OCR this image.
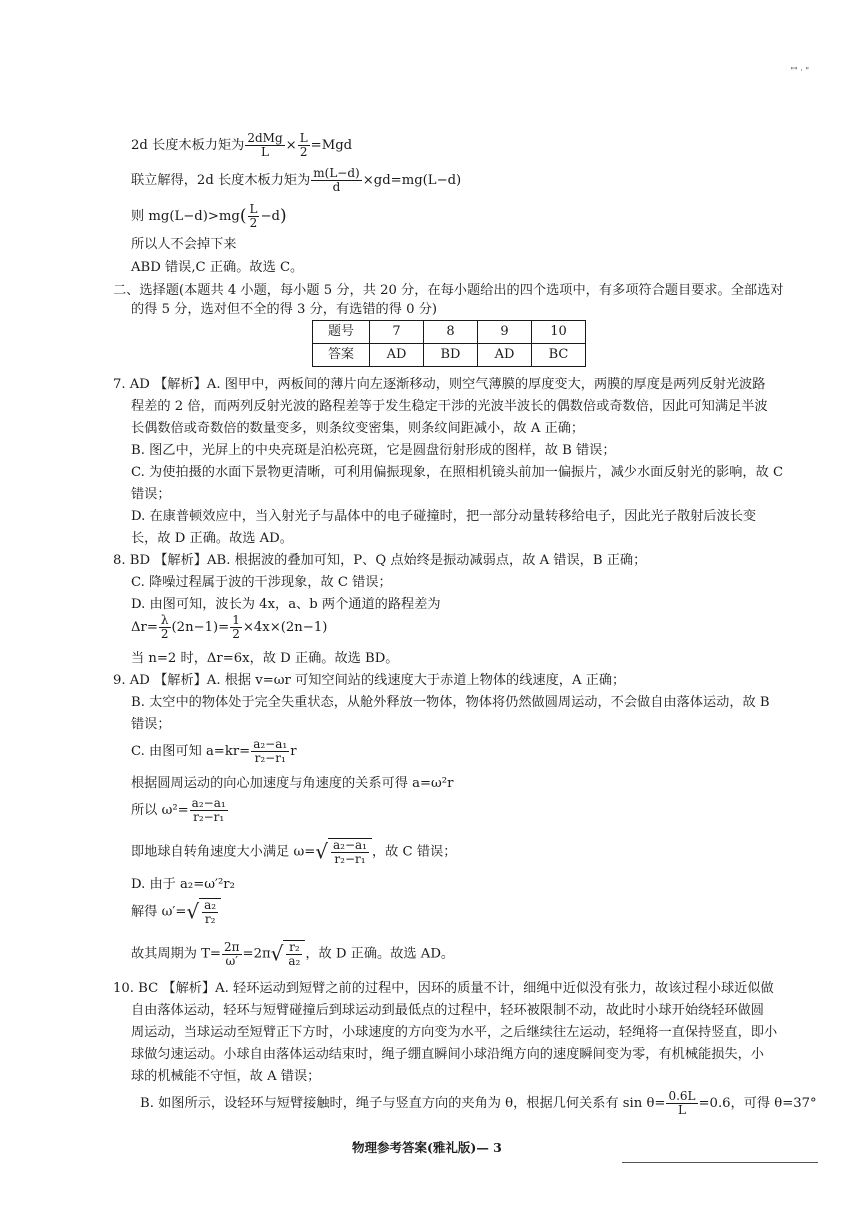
"" · "
2d 长度木板力矩为 $\frac{\text{2dMg}}{L} \times \frac{L}{2} =Mgd$
联立解得，2d 长度木板力矩为 $\frac{m(L-d)}{d} \times gd=mg(L-d)$
则 $mg(L-d)>mg( \frac{L}{2} -d)$
所以人不会掉下来
ABD 错误,C 正确。故选 C。
二、选择题(本题共 4 小题，每小题 5 分，共 20 分，在每小题给出的四个选项中，有多项符合题目要求。全部选对
的得 5 分，选对但不全的得 3 分，有选错的得 0 分)
题号	7	8	9	10
答案	AD	BD	AD	BC
7. AD 【解析】A. 图甲中，两板间的薄片向左逐渐移动，则空气薄膜的厚度变大，两膜的厚度是两列反射光波路
程差的 2 倍，而两列反射光波的路程差等于发生稳定干涉的光波半波长的偶数倍或奇数倍，因此可知满足半波
长偶数倍或奇数倍的数量变多，则条纹变密集，则条纹间距减小，故 A 正确；
B. 图乙中，光屏上的中央亮斑是泊松亮斑，它是圆盘衍射形成的图样，故 B 错误；
C. 为使拍摄的水面下景物更清晰，可利用偏振现象，在照相机镜头前加一偏振片，减少水面反射光的影响，故 C
错误；
D. 在康普顿效应中，当入射光子与晶体中的电子碰撞时，把一部分动量转移给电子，因此光子散射后波长变
长，故 D 正确。故选 AD。
8. BD 【解析】AB. 根据波的叠加可知，P、Q 点始终是振动减弱点，故 A 错误，B 正确；
C. 降噪过程属于波的干涉现象，故 C 错误；
D. 由图可知，波长为 4x，a、b 两个通道的路程差为
$\Delta r= \frac{\lambda}{2} (2n-1)= \frac{1}{2} \times 4x\times(2n-1)$
当 n=2 时，Δr=6x，故 D 正确。故选 BD。
9. AD 【解析】A. 根据 v=ωr 可知空间站的线速度大于赤道上物体的线速度，A 正确；
B. 太空中的物体处于完全失重状态，从舱外释放一物体，物体将仍然做圆周运动，不会做自由落体运动，故 B
错误；
C. 由图可知 $a=kr= \frac{\text{a₂−a₁}}{\text{r₂−r₁}}$ r
根据圆周运动的向心加速度与角速度的关系可得 a=ω²r
所以 $\omega^2= \frac{\text{a₂−a₁}}{\text{r₂−r₁}}$
即地球自转角速度大小满足 $\omega=√ \frac{\text{a₂−a₁}}{\text{r₂−r₁}}$ ，故 C 错误；
D. 由于 a₂=ω′²r₂
解得 $\omega'=√ \frac{\text{a₂}}{\text{r₂}}$
故其周期为 $T= \frac{2\pi}{\omega'} =2\pi√ \frac{\text{r₂}}{\text{a₂}}$ ，故 D 正确。故选 AD。
10. BC 【解析】A. 轻环运动到短臂之前的过程中，因环的质量不计，细绳中近似没有张力，故该过程小球近似做
自由落体运动，轻环与短臂碰撞后到球运动到最低点的过程中，轻环被限制不动，故此时小球开始绕轻环做圆
周运动，当球运动至短臂正下方时，小球速度的方向变为水平，之后继续往左运动，轻绳将一直保持竖直，即小
球做匀速运动。小球自由落体运动结束时，绳子绷直瞬间小球沿绳方向的速度瞬间变为零，有机械能损失，小
球的机械能不守恒，故 A 错误；
B. 如图所示，设轻环与短臂接触时，绳子与竖直方向的夹角为 θ，根据几何关系有 $\sin \theta= \frac{0.6L}{L} =0.6$，可得 θ=37°
物理参考答案(雅礼版)— 3
